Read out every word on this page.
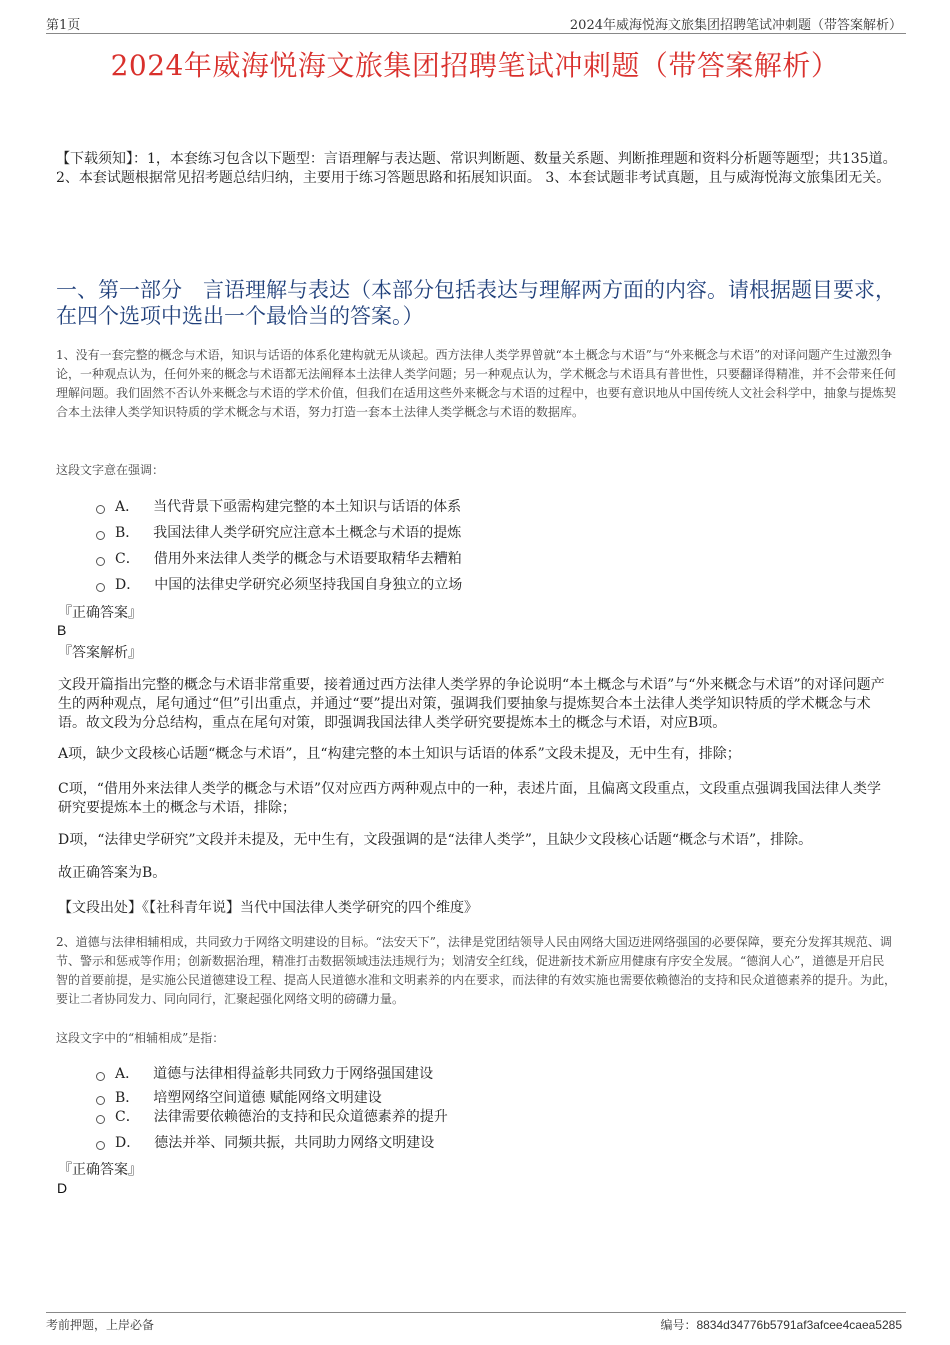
第1页	2024年威海悦海文旅集团招聘笔试冲刺题（带答案解析）
2024年威海悦海文旅集团招聘笔试冲刺题（带答案解析）
【下载须知】：1，本套练习包含以下题型：言语理解与表达题、常识判断题、数量关系题、判断推理题和资料分析题等题型；共135道。 2、本套试题根据常见招考题总结归纳，主要用于练习答题思路和拓展知识面。 3、本套试题非考试真题，且与威海悦海文旅集团无关。
一、第一部分　言语理解与表达（本部分包括表达与理解两方面的内容。请根据题目要求，在四个选项中选出一个最恰当的答案。）
1、没有一套完整的概念与术语，知识与话语的体系化建构就无从谈起。西方法律人类学界曾就“本土概念与术语”与“外来概念与术语”的对译问题产生过激烈争论，一种观点认为，任何外来的概念与术语都无法阐释本土法律人类学问题；另一种观点认为，学术概念与术语具有普世性，只要翻译得精准，并不会带来任何理解问题。我们固然不否认外来概念与术语的学术价值，但我们在适用这些外来概念与术语的过程中，也要有意识地从中国传统人文社会科学中，抽象与提炼契合本土法律人类学知识特质的学术概念与术语，努力打造一套本土法律人类学概念与术语的数据库。
这段文字意在强调：
A． 当代背景下亟需构建完整的本土知识与话语的体系
B． 我国法律人类学研究应注意本土概念与术语的提炼
C． 借用外来法律人类学的概念与术语要取精华去糟粕
D． 中国的法律史学研究必须坚持我国自身独立的立场
『正确答案』
B
『答案解析』
文段开篇指出完整的概念与术语非常重要，接着通过西方法律人类学界的争论说明“本土概念与术语”与“外来概念与术语”的对译问题产生的两种观点，尾句通过“但”引出重点，并通过“要”提出对策，强调我们要抽象与提炼契合本土法律人类学知识特质的学术概念与术语。故文段为分总结构，重点在尾句对策，即强调我国法律人类学研究要提炼本土的概念与术语，对应B项。
A项，缺少文段核心话题“概念与术语”，且“构建完整的本土知识与话语的体系”文段未提及，无中生有，排除；
C项，“借用外来法律人类学的概念与术语”仅对应西方两种观点中的一种，表述片面，且偏离文段重点，文段重点强调我国法律人类学研究要提炼本土的概念与术语，排除；
D项，“法律史学研究”文段并未提及，无中生有，文段强调的是“法律人类学”，且缺少文段核心话题“概念与术语”，排除。
故正确答案为B。
【文段出处】《【社科青年说】当代中国法律人类学研究的四个维度》
2、道德与法律相辅相成，共同致力于网络文明建设的目标。“法安天下”，法律是党团结领导人民由网络大国迈进网络强国的必要保障，要充分发挥其规范、调节、警示和惩戒等作用；创新数据治理，精准打击数据领域违法违规行为；划清安全红线，促进新技术新应用健康有序安全发展。“德润人心”，道德是开启民智的首要前提，是实施公民道德建设工程、提高人民道德水准和文明素养的内在要求，而法律的有效实施也需要依赖德治的支持和民众道德素养的提升。为此，要让二者协同发力、同向同行，汇聚起强化网络文明的磅礴力量。
这段文字中的“相辅相成”是指：
A． 道德与法律相得益彰共同致力于网络强国建设
B． 培塑网络空间道德 赋能网络文明建设
C． 法律需要依赖德治的支持和民众道德素养的提升
D． 德法并举、同频共振，共同助力网络文明建设
『正确答案』
D
考前押题，上岸必备	编号：8834d34776b5791af3afcee4caea5285
